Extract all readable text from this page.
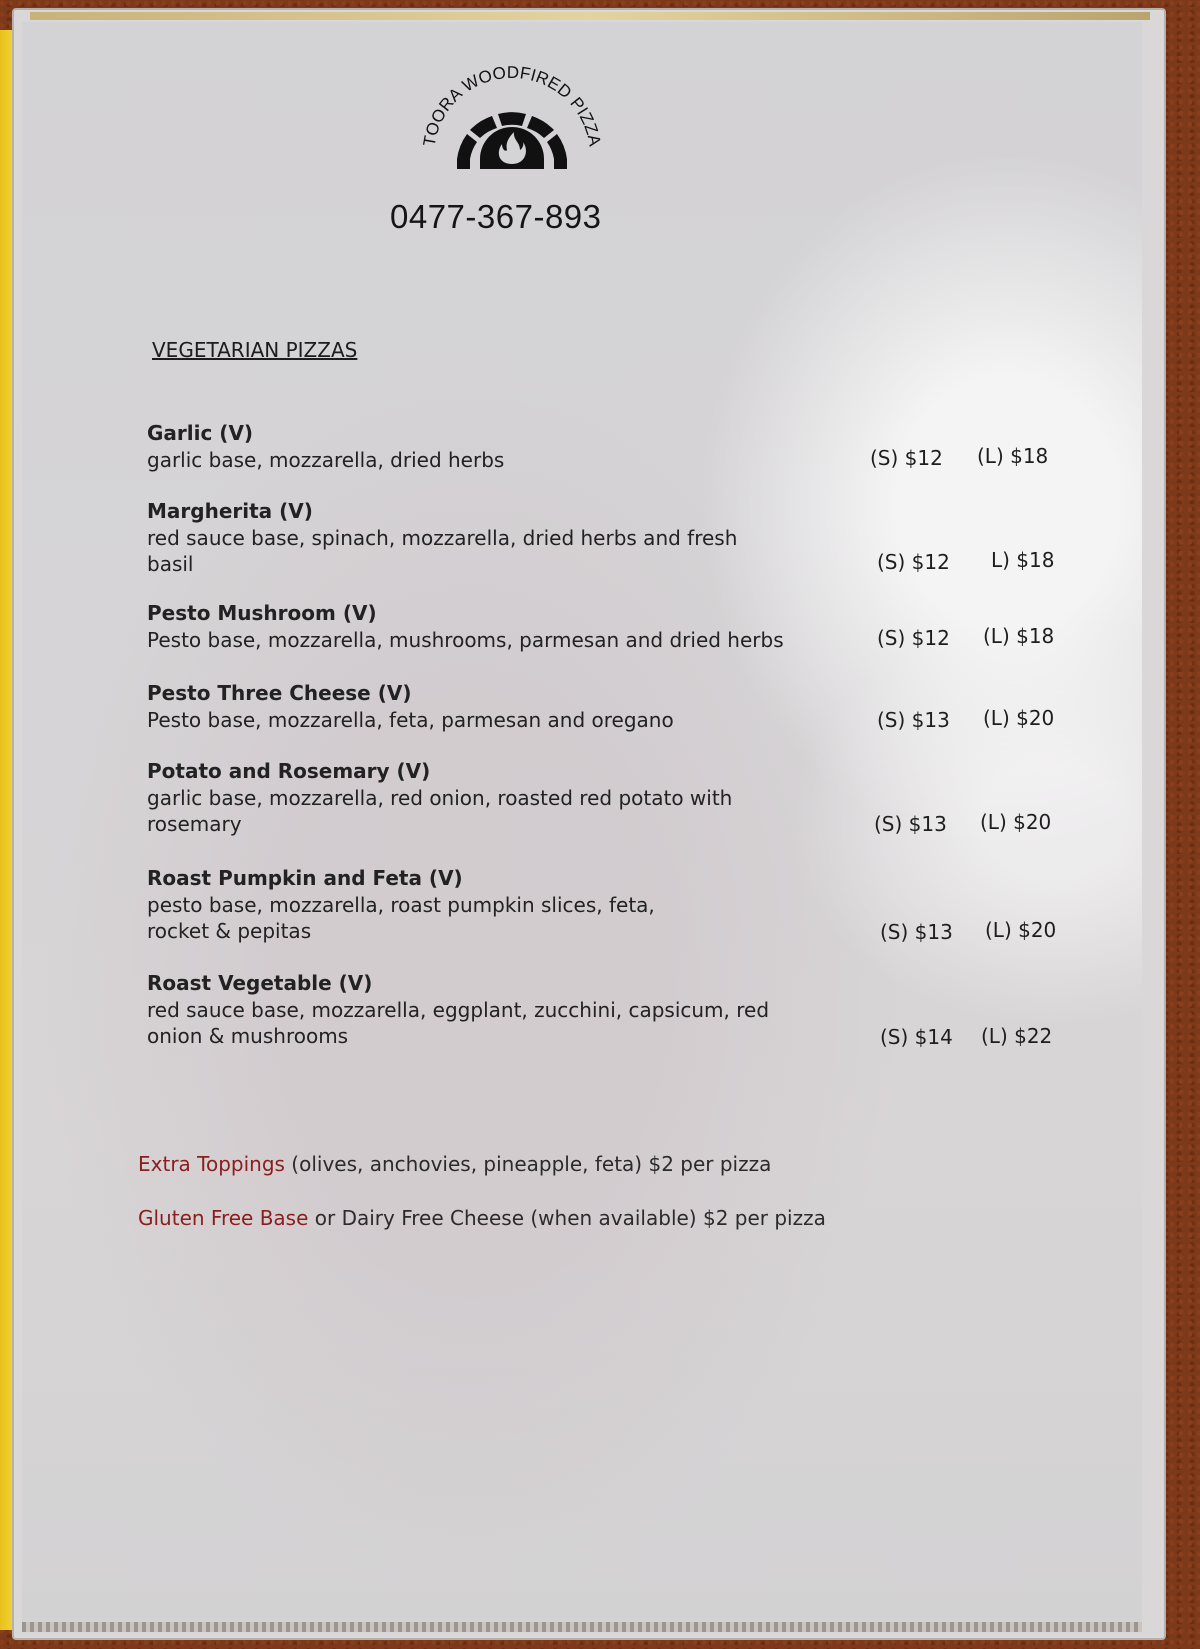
TOORA WOODFIRED PIZZA
0477-367-893
VEGETARIAN PIZZAS
Garlic (V)
garlic base, mozzarella, dried herbs	(S) $12 (L) $18
Margherita (V)
red sauce base, spinach, mozzarella, dried herbs and fresh basil	(S) $12 L) $18
Pesto Mushroom (V)
Pesto base, mozzarella, mushrooms, parmesan and dried herbs	(S) $12 (L) $18
Pesto Three Cheese (V)
Pesto base, mozzarella, feta, parmesan and oregano	(S) $13 (L) $20
Potato and Rosemary (V)
garlic base, mozzarella, red onion, roasted red potato with rosemary	(S) $13 (L) $20
Roast Pumpkin and Feta (V)
pesto base, mozzarella, roast pumpkin slices, feta, rocket & pepitas	(S) $13 (L) $20
Roast Vegetable (V)
red sauce base, mozzarella, eggplant, zucchini, capsicum, red onion & mushrooms	(S) $14 (L) $22
Extra Toppings (olives, anchovies, pineapple, feta) $2 per pizza
Gluten Free Base or Dairy Free Cheese (when available) $2 per pizza
